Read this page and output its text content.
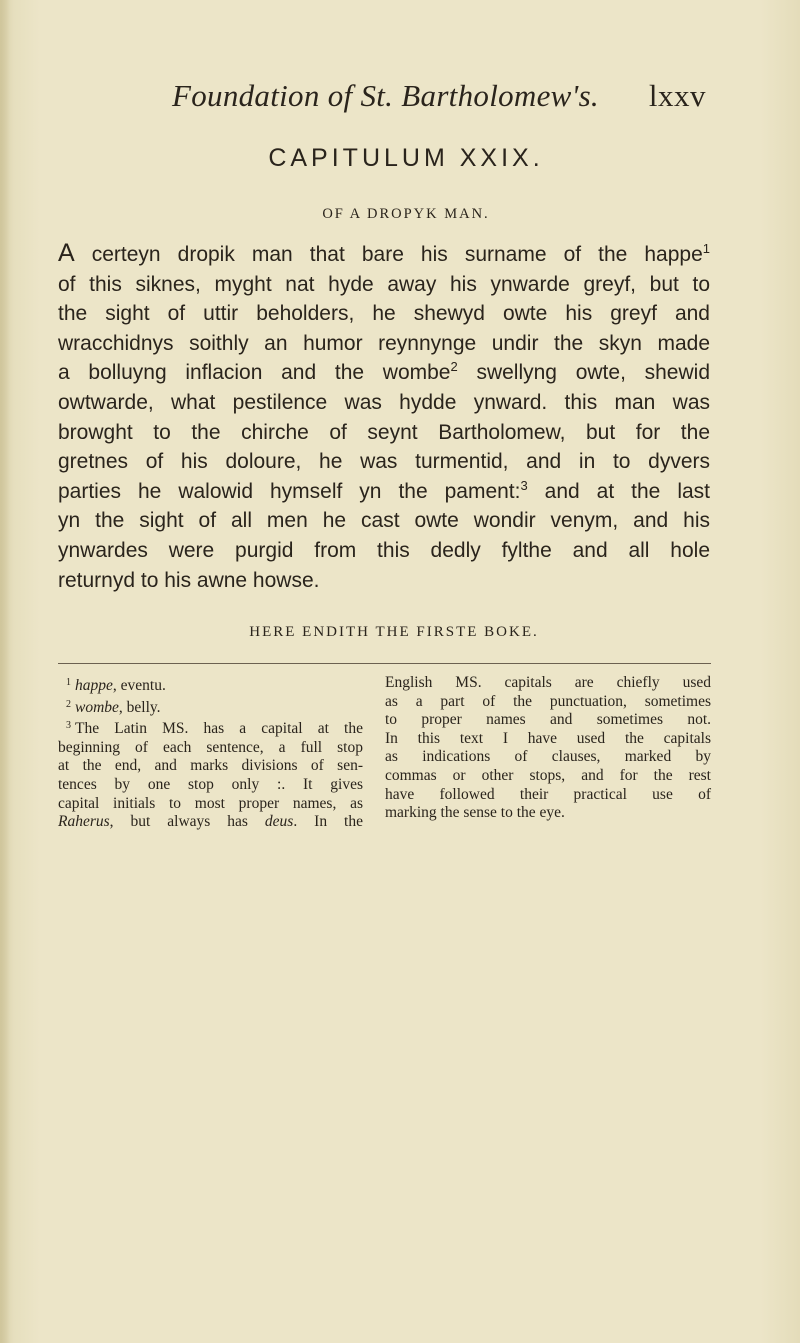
Foundation of St. Bartholomew's. lxxv
CAPITULUM XXIX.
OF A DROPYK MAN.
A certeyn dropik man that bare his surname of the happe$^1$
of this siknes, myght nat hyde away his ynwarde greyf, but to
the sight of uttir beholders, he shewyd owte his greyf and
wracchidnys soithly an humor reynnynge undir the skyn made
a bolluyng inflacion and the wombe$^2$ swellyng owte, shewid
owtwarde, what pestilence was hydde ynward. this man was
browght to the chirche of seynt Bartholomew, but for the
gretnes of his doloure, he was turmentid, and in to dyvers
parties he walowid hymself yn the pament:$^3$ and at the last
yn the sight of all men he cast owte wondir venym, and his
ynwardes were purgid from this dedly fylthe and all hole
returnyd to his awne howse.
HERE ENDITH THE FIRSTE BOKE.
$^1$ happe, eventu.
$^2$ wombe, belly.
$^3$ The Latin MS. has a capital at the
beginning of each sentence, a full stop
at the end, and marks divisions of sen-
tences by one stop only :. It gives
capital initials to most proper names, as
Raherus, but always has deus. In the
English MS. capitals are chiefly used
as a part of the punctuation, sometimes
to proper names and sometimes not.
In this text I have used the capitals
as indications of clauses, marked by
commas or other stops, and for the rest
have followed their practical use of
marking the sense to the eye.
